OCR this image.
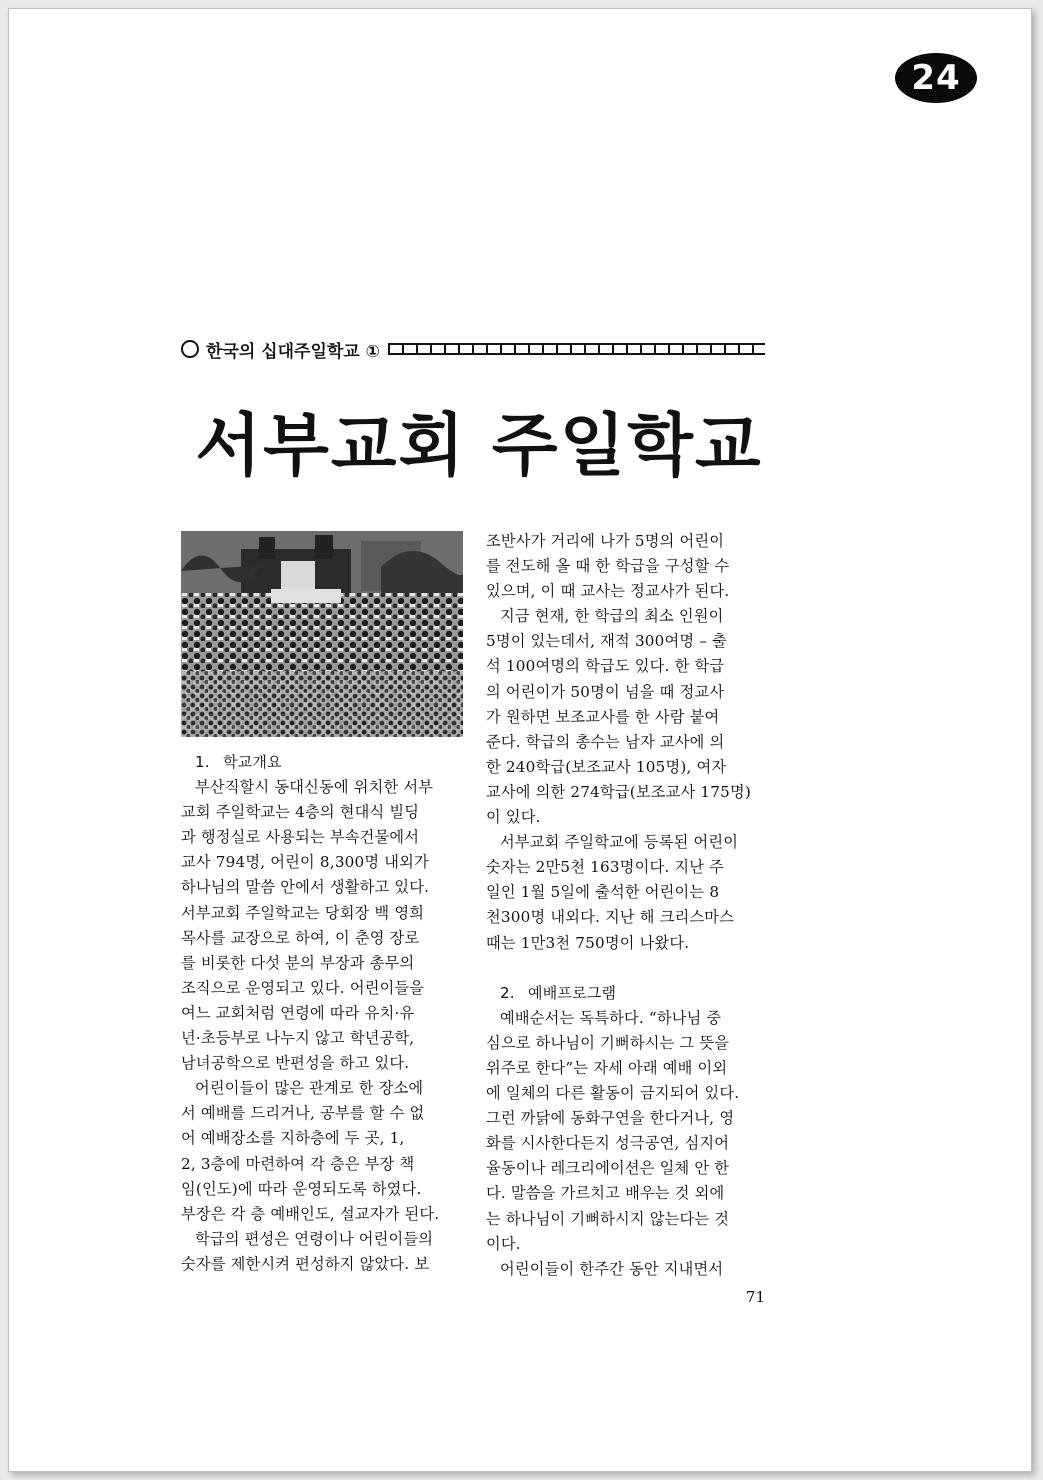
24
한국의 십대주일학교 ①
서부교회 주일학교
1. 학교개요
부산직할시 동대신동에 위치한 서부
교회 주일학교는 4층의 현대식 빌딩
과 행정실로 사용되는 부속건물에서
교사 794명, 어린이 8,300명 내외가
하나님의 말씀 안에서 생활하고 있다.
서부교회 주일학교는 당회장 백 영희
목사를 교장으로 하여, 이 춘영 장로
를 비롯한 다섯 분의 부장과 총무의
조직으로 운영되고 있다. 어린이들을
여느 교회처럼 연령에 따라 유치·유
년·초등부로 나누지 않고 학년공학,
남녀공학으로 반편성을 하고 있다.
어린이들이 많은 관계로 한 장소에
서 예배를 드리거나, 공부를 할 수 없
어 예배장소를 지하층에 두 곳, 1,
2, 3층에 마련하여 각 층은 부장 책
임(인도)에 따라 운영되도록 하였다.
부장은 각 층 예배인도, 설교자가 된다.
학급의 편성은 연령이나 어린이들의
숫자를 제한시켜 편성하지 않았다. 보
조반사가 거리에 나가 5명의 어린이
를 전도해 올 때 한 학급을 구성할 수
있으며, 이 때 교사는 정교사가 된다.
지금 현재, 한 학급의 최소 인원이
5명이 있는데서, 재적 300여명 – 출
석 100여명의 학급도 있다. 한 학급
의 어린이가 50명이 넘을 때 정교사
가 원하면 보조교사를 한 사람 붙여
준다. 학급의 총수는 남자 교사에 의
한 240학급(보조교사 105명), 여자
교사에 의한 274학급(보조교사 175명)
이 있다.
서부교회 주일학교에 등록된 어린이
숫자는 2만5천 163명이다. 지난 주
일인 1월 5일에 출석한 어린이는 8
천300명 내외다. 지난 해 크리스마스
때는 1만3천 750명이 나왔다.
2. 예배프로그램
예배순서는 독특하다. “하나님 중
심으로 하나님이 기뻐하시는 그 뜻을
위주로 한다”는 자세 아래 예배 이외
에 일체의 다른 활동이 금지되어 있다.
그런 까닭에 동화구연을 한다거나, 영
화를 시사한다든지 성극공연, 심지어
율동이나 레크리에이션은 일체 안 한
다. 말씀을 가르치고 배우는 것 외에
는 하나님이 기뻐하시지 않는다는 것
이다.
어린이들이 한주간 동안 지내면서
71
